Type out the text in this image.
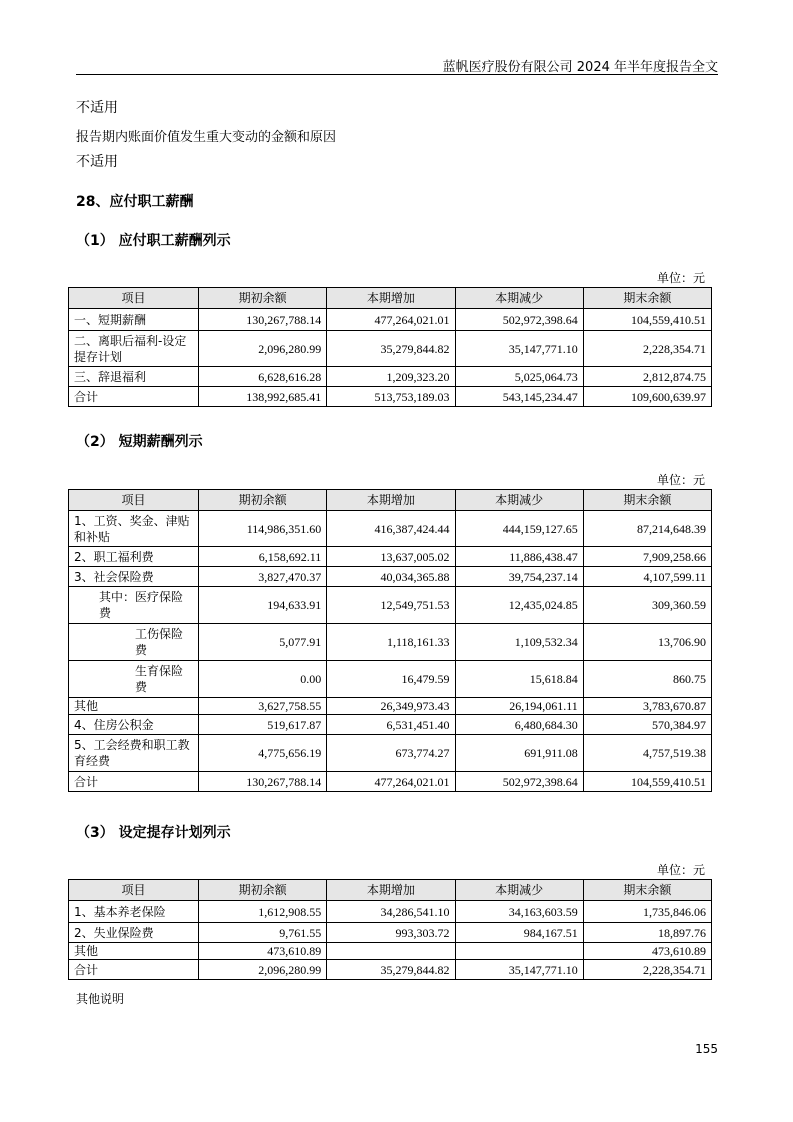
蓝帆医疗股份有限公司 2024 年半年度报告全文
不适用
报告期内账面价值发生重大变动的金额和原因
不适用
28、应付职工薪酬
（1） 应付职工薪酬列示
单位：元
项目	期初余额	本期增加	本期减少	期末余额
一、短期薪酬	130,267,788.14	477,264,021.01	502,972,398.64	104,559,410.51
二、离职后福利-设定提存计划	2,096,280.99	35,279,844.82	35,147,771.10	2,228,354.71
三、辞退福利	6,628,616.28	1,209,323.20	5,025,064.73	2,812,874.75
合计	138,992,685.41	513,753,189.03	543,145,234.47	109,600,639.97
（2） 短期薪酬列示
单位：元
项目	期初余额	本期增加	本期减少	期末余额
1、工资、奖金、津贴和补贴	114,986,351.60	416,387,424.44	444,159,127.65	87,214,648.39
2、职工福利费	6,158,692.11	13,637,005.02	11,886,438.47	7,909,258.66
3、社会保险费	3,827,470.37	40,034,365.88	39,754,237.14	4,107,599.11
其中：医疗保险费	194,633.91	12,549,751.53	12,435,024.85	309,360.59
工伤保险费	5,077.91	1,118,161.33	1,109,532.34	13,706.90
生育保险费	0.00	16,479.59	15,618.84	860.75
其他	3,627,758.55	26,349,973.43	26,194,061.11	3,783,670.87
4、住房公积金	519,617.87	6,531,451.40	6,480,684.30	570,384.97
5、工会经费和职工教育经费	4,775,656.19	673,774.27	691,911.08	4,757,519.38
合计	130,267,788.14	477,264,021.01	502,972,398.64	104,559,410.51
（3） 设定提存计划列示
单位：元
项目	期初余额	本期增加	本期减少	期末余额
1、基本养老保险	1,612,908.55	34,286,541.10	34,163,603.59	1,735,846.06
2、失业保险费	9,761.55	993,303.72	984,167.51	18,897.76
其他	473,610.89			473,610.89
合计	2,096,280.99	35,279,844.82	35,147,771.10	2,228,354.71
其他说明
155
